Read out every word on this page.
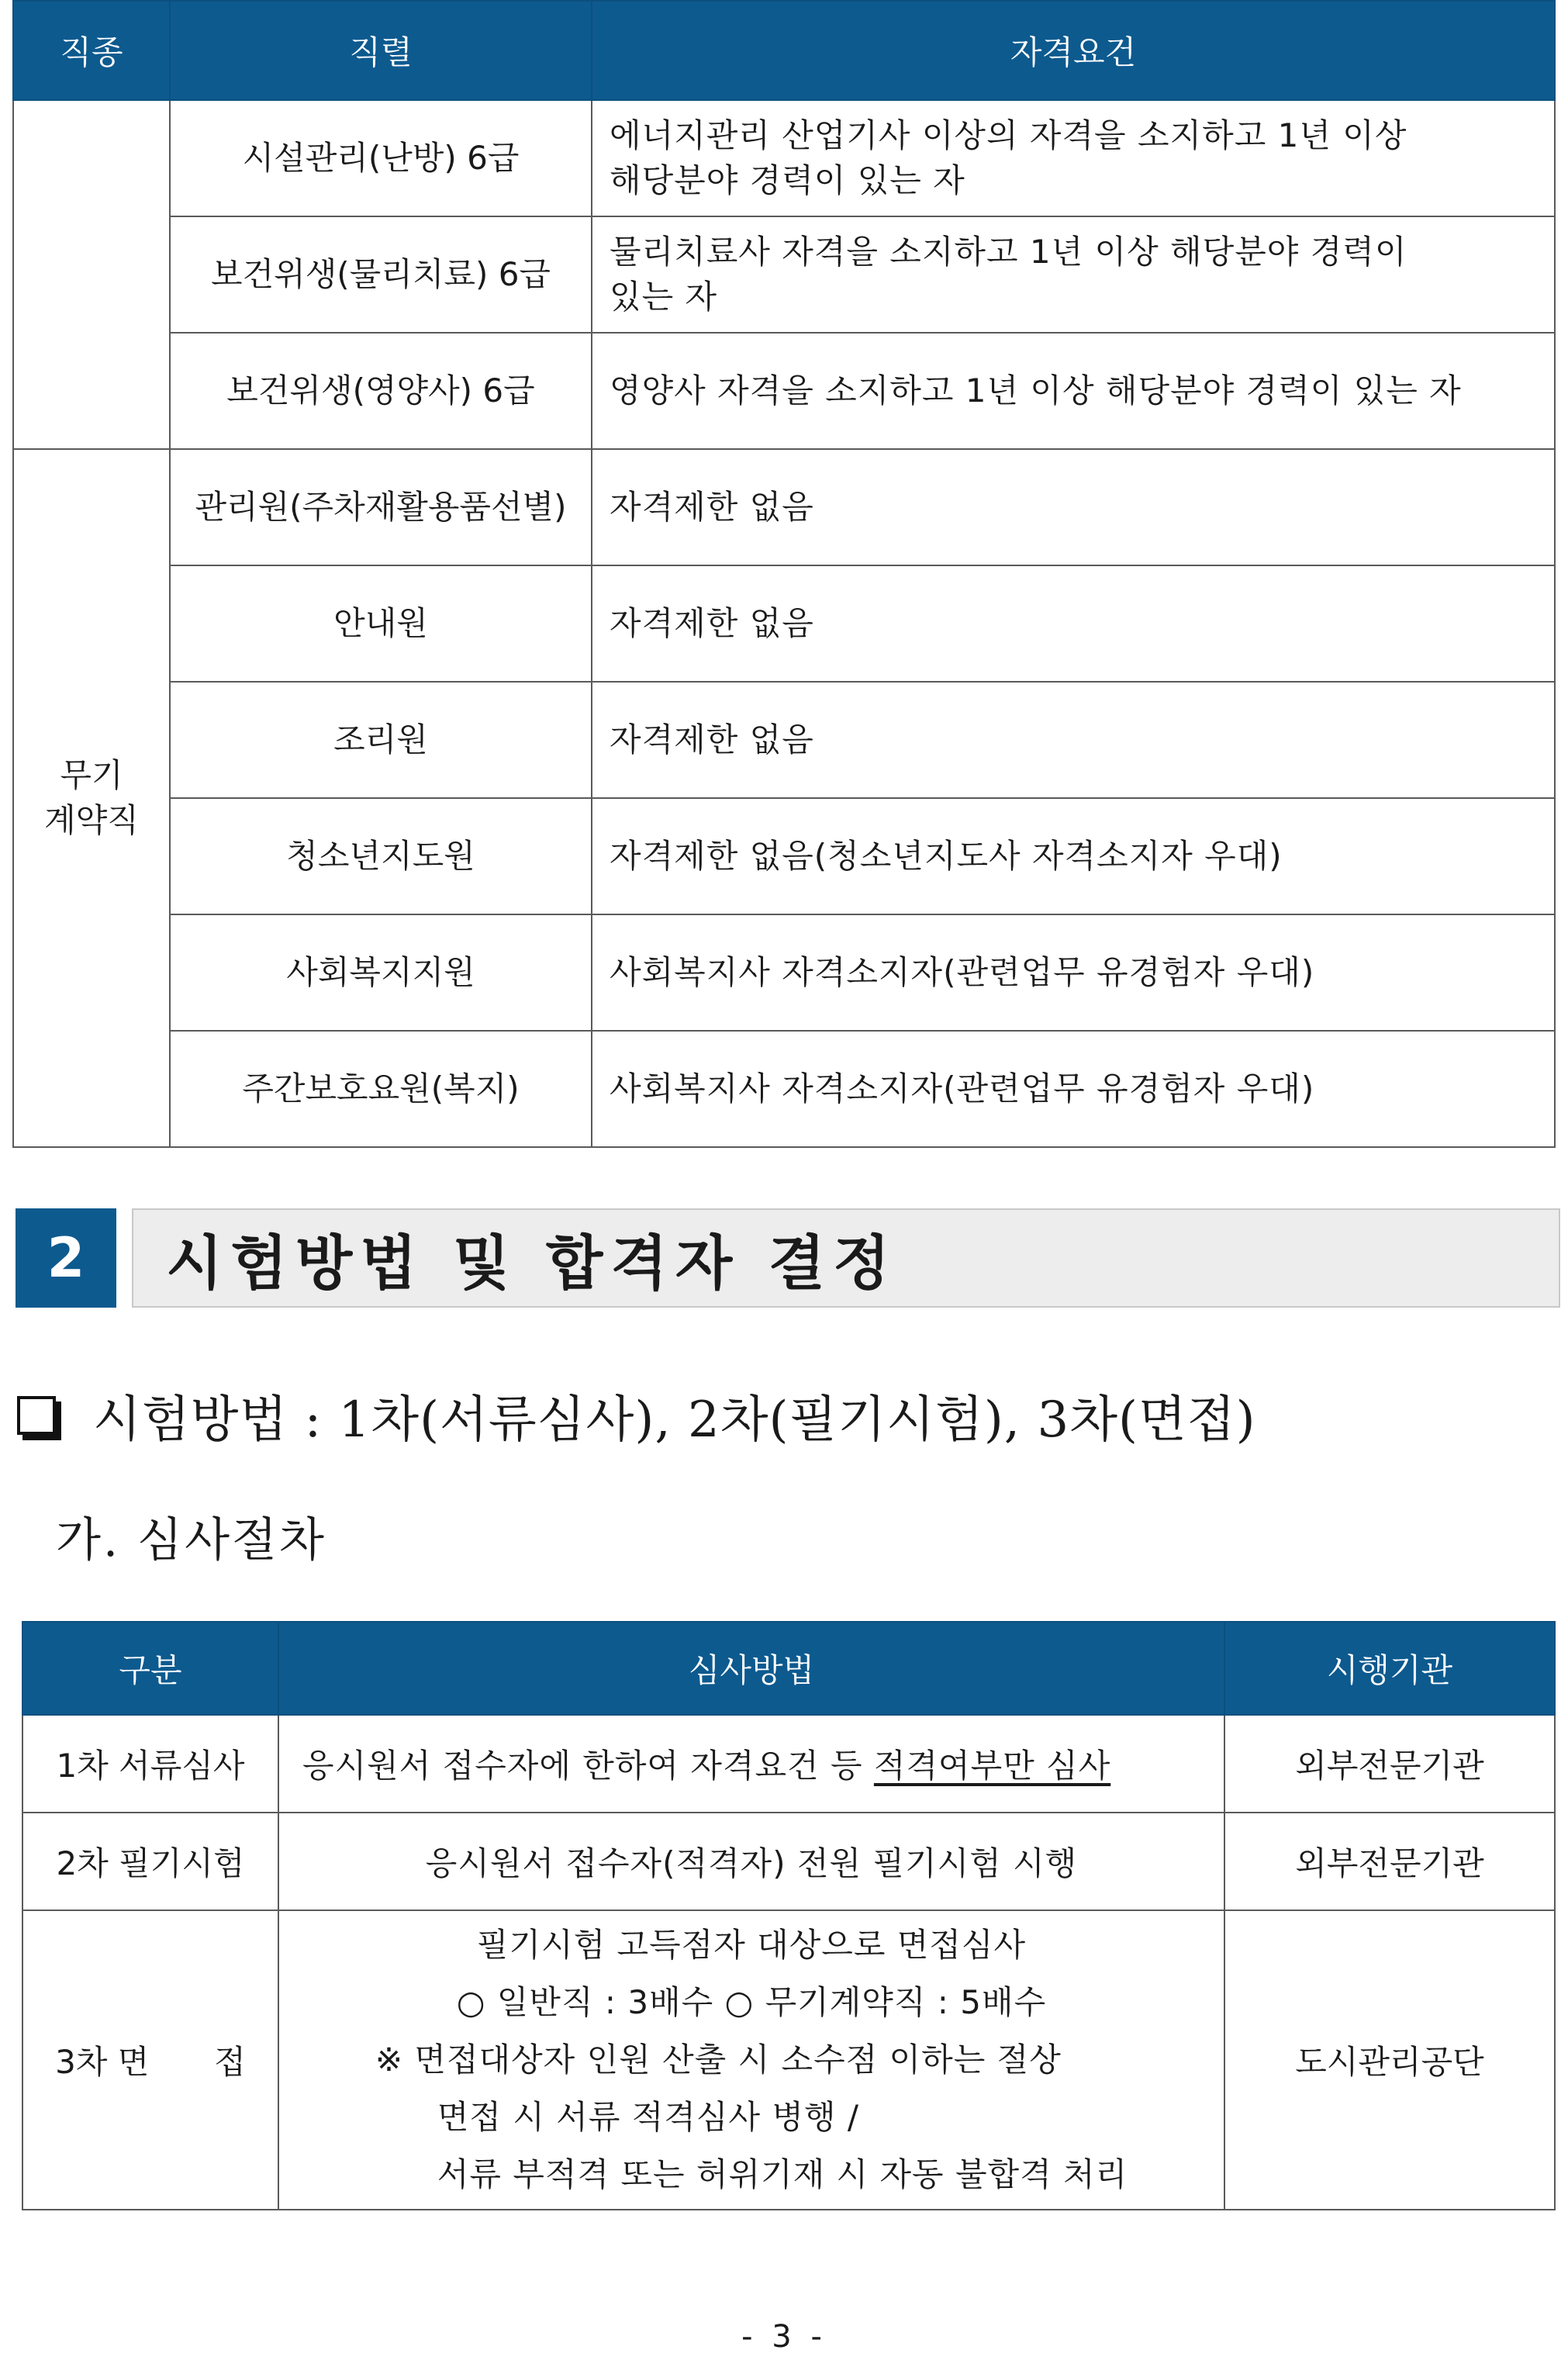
직종	직렬	자격요건
	시설관리(난방) 6급	에너지관리 산업기사 이상의 자격을 소지하고 1년 이상
해당분야 경력이 있는 자
	보건위생(물리치료) 6급	물리치료사 자격을 소지하고 1년 이상 해당분야 경력이
있는 자
	보건위생(영양사) 6급	영양사 자격을 소지하고 1년 이상 해당분야 경력이 있는 자
무기
계약직	관리원(주차재활용품선별)	자격제한 없음
	안내원	자격제한 없음
	조리원	자격제한 없음
	청소년지도원	자격제한 없음(청소년지도사 자격소지자 우대)
	사회복지지원	사회복지사 자격소지자(관련업무 유경험자 우대)
	주간보호요원(복지)	사회복지사 자격소지자(관련업무 유경험자 우대)
2	시험방법 및 합격자 결정
시험방법 : 1차(서류심사), 2차(필기시험), 3차(면접)
가. 심사절차
구분	심사방법	시행기관
1차 서류심사	응시원서 접수자에 한하여 자격요건 등 적격여부만 심사	외부전문기관
2차 필기시험	응시원서 접수자(적격자) 전원 필기시험 시행	외부전문기관
3차 면　　접	필기시험 고득점자 대상으로 면접심사
○ 일반직 : 3배수 ○ 무기계약직 : 5배수
※ 면접대상자 인원 산출 시 소수점 이하는 절상
면접 시 서류 적격심사 병행 /
서류 부적격 또는 허위기재 시 자동 불합격 처리	도시관리공단
- 3 -
